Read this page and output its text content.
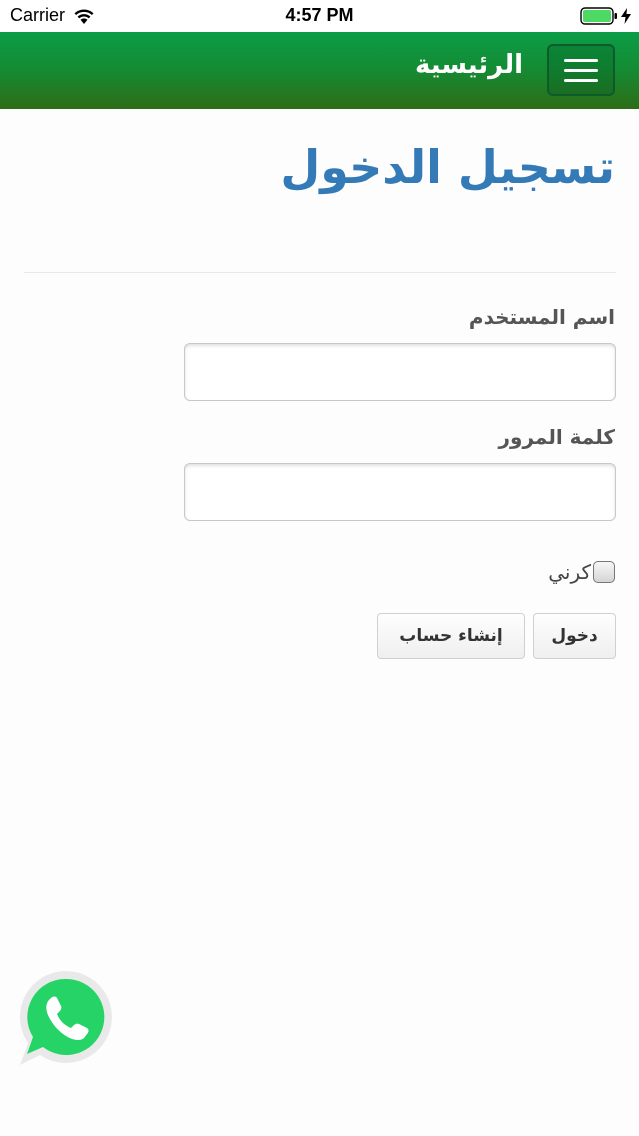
Carrier	4:57 PM
الرئيسية
تسجيل الدخول
اسم المستخدم
كلمة المرور
كرني
دخول
إنشاء حساب
